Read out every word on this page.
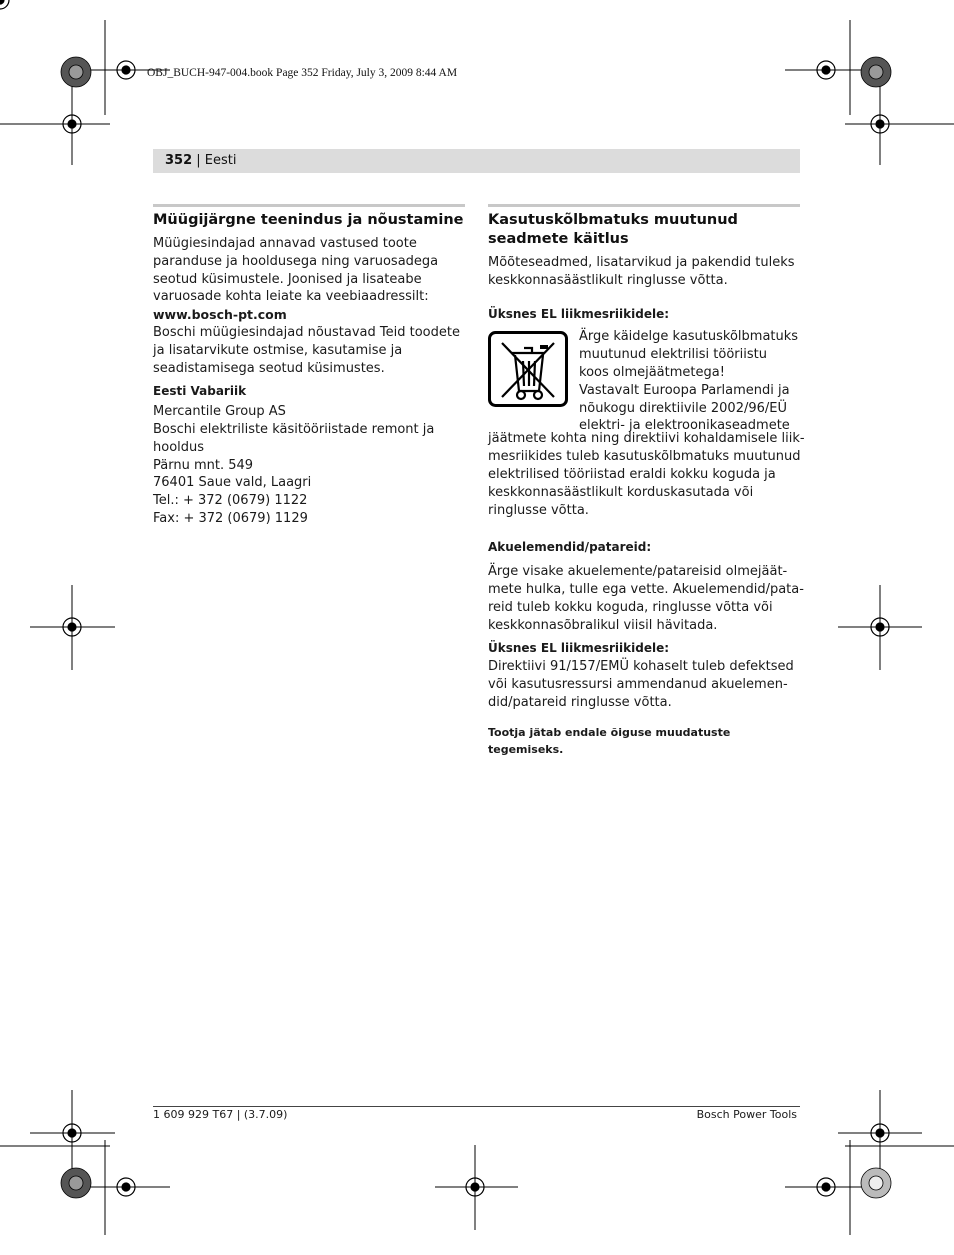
OBJ_BUCH-947-004.book Page 352 Friday, July 3, 2009 8:44 AM
352 | Eesti
Müügijärgne teenindus ja nõustamine
Müügiesindajad annavad vastused toote
paranduse ja hooldusega ning varuosadega
seotud küsimustele. Joonised ja lisateabe
varuosade kohta leiate ka veebiaadressilt:
www.bosch-pt.com
Boschi müügiesindajad nõustavad Teid toodete
ja lisatarvikute ostmise, kasutamise ja
seadistamisega seotud küsimustes.
Eesti Vabariik
Mercantile Group AS
Boschi elektriliste käsitööriistade remont ja
hooldus
Pärnu mnt. 549
76401 Saue vald, Laagri
Tel.: + 372 (0679) 1122
Fax: + 372 (0679) 1129
Kasutuskõlbmatuks muutunud
seadmete käitlus
Mõõteseadmed, lisatarvikud ja pakendid tuleks
keskkonnasäästlikult ringlusse võtta.
Üksnes EL liikmesriikidele:
Ärge käidelge kasutuskõlbmatuks
muutunud elektrilisi tööriistu
koos olmejäätmetega!
Vastavalt Euroopa Parlamendi ja
nõukogu direktiivile 2002/96/EÜ
elektri- ja elektroonikaseadmete
jäätmete kohta ning direktiivi kohaldamisele liik-
mesriikides tuleb kasutuskõlbmatuks muutunud
elektrilised tööriistad eraldi kokku koguda ja
keskkonnasäästlikult korduskasutada või
ringlusse võtta.
Akuelemendid/patareid:
Ärge visake akuelemente/patareisid olmejäät-
mete hulka, tulle ega vette. Akuelemendid/pata-
reid tuleb kokku koguda, ringlusse võtta või
keskkonnasõbralikul viisil hävitada.
Üksnes EL liikmesriikidele:
Direktiivi 91/157/EMÜ kohaselt tuleb defektsed
või kasutusressursi ammendanud akuelemen-
did/patareid ringlusse võtta.
Tootja jätab endale õiguse muudatuste tegemiseks.
1 609 929 T67 | (3.7.09)	Bosch Power Tools
